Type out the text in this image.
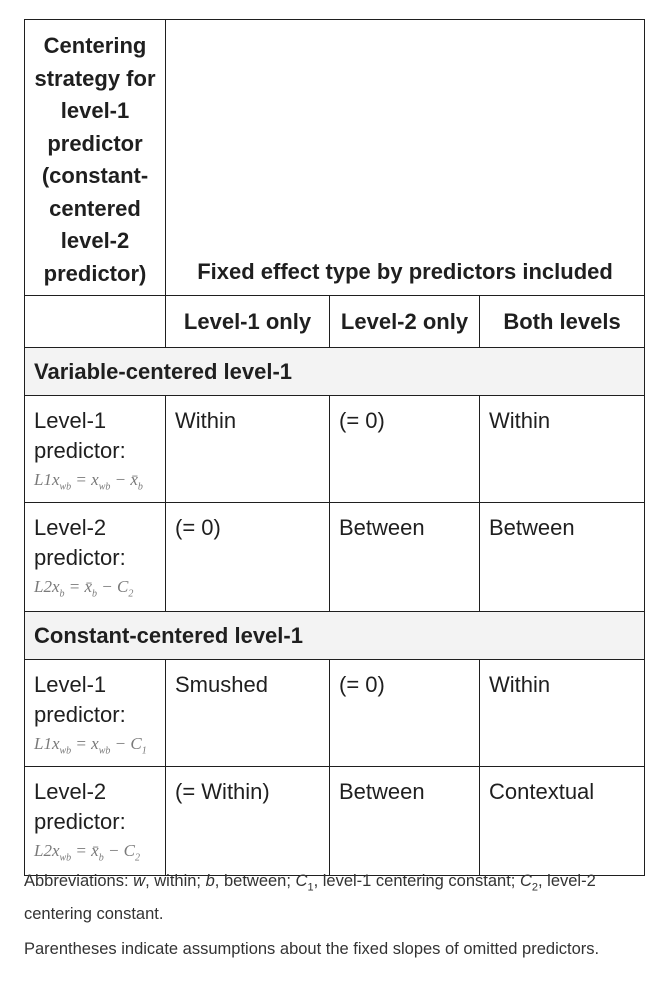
Centering strategy for level-1 predictor (constant-centered level-2 predictor)	Fixed effect type by predictors included		
	Level-1 only	Level-2 only	Both levels
Variable-centered level-1			

Level-1 predictor:
$L1x_{wb} = x_{wb}$ − $x̄_b$	Within	(= 0)	Within

Level-2 predictor:
$L2x_b$ = $x̄_b - C_2$	(= 0)	Between	Between
Constant-centered level-1			

Level-1 predictor:
$L1x_{wb} = x_{wb} - C_1$	Smushed	(= 0)	Within

Level-2 predictor:
$L2x_{wb}$ = $x̄_b - C_2$	(= Within)	Between	Contextual

Abbreviations: w, within; b, between; $C_1$, level-1 centering constant; $C_2$, level-2 centering constant.

Parentheses indicate assumptions about the fixed slopes of omitted predictors.
